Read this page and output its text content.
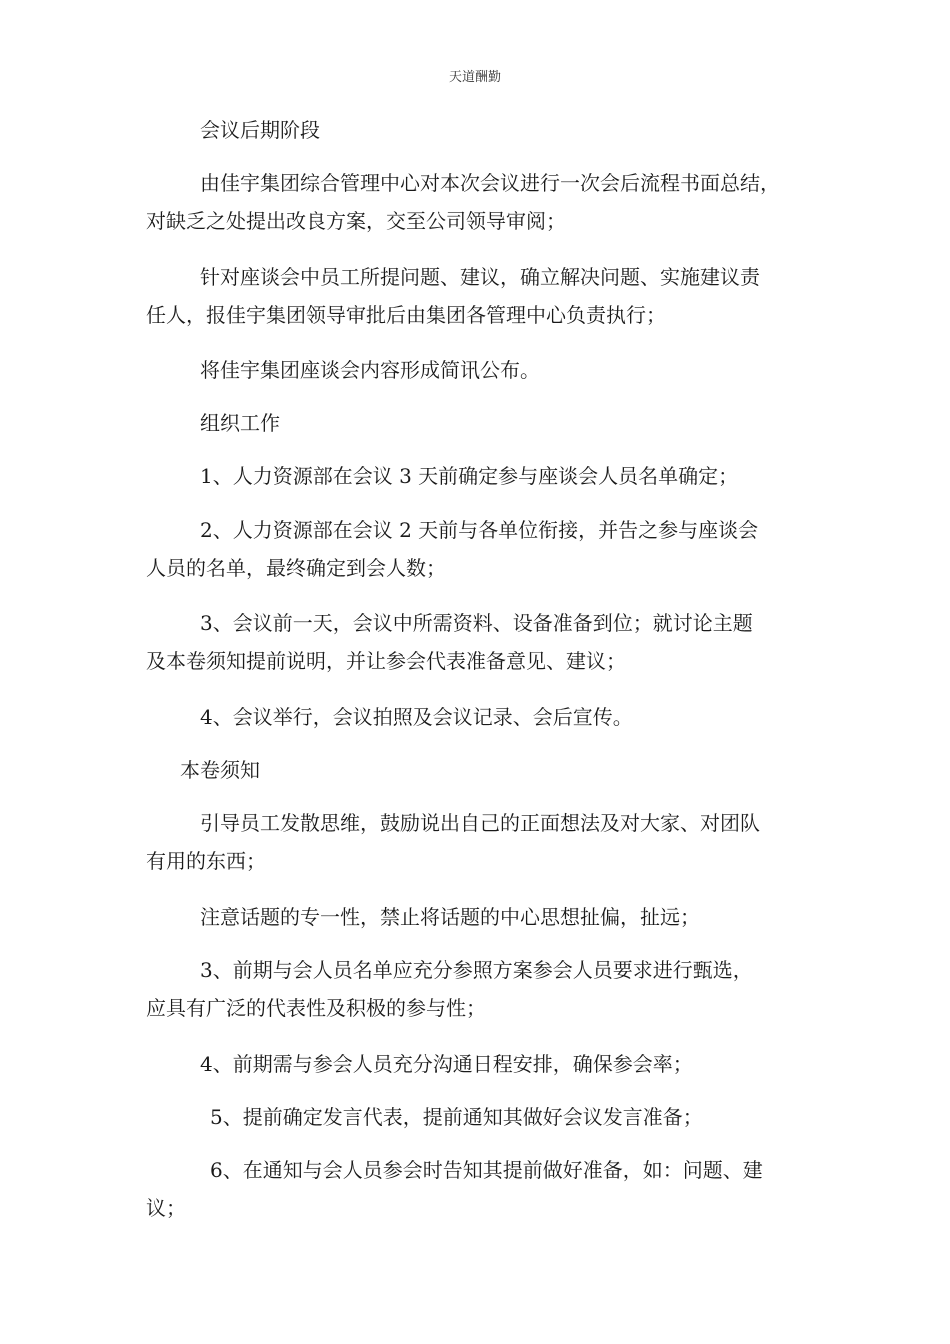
天道酬勤
会议后期阶段
由佳宇集团综合管理中心对本次会议进行一次会后流程书面总结，
对缺乏之处提出改良方案，交至公司领导审阅；
针对座谈会中员工所提问题、建议，确立解决问题、实施建议责
任人，报佳宇集团领导审批后由集团各管理中心负责执行；
将佳宇集团座谈会内容形成简讯公布。
组织工作
1、人力资源部在会议 3 天前确定参与座谈会人员名单确定；
2、人力资源部在会议 2 天前与各单位衔接，并告之参与座谈会
人员的名单，最终确定到会人数；
3、会议前一天，会议中所需资料、设备准备到位；就讨论主题
及本卷须知提前说明，并让参会代表准备意见、建议；
4、会议举行，会议拍照及会议记录、会后宣传。
本卷须知
引导员工发散思维，鼓励说出自己的正面想法及对大家、对团队
有用的东西；
注意话题的专一性，禁止将话题的中心思想扯偏，扯远；
3、前期与会人员名单应充分参照方案参会人员要求进行甄选，
应具有广泛的代表性及积极的参与性；
4、前期需与参会人员充分沟通日程安排，确保参会率；
5、提前确定发言代表，提前通知其做好会议发言准备；
6、在通知与会人员参会时告知其提前做好准备，如：问题、建
议；
